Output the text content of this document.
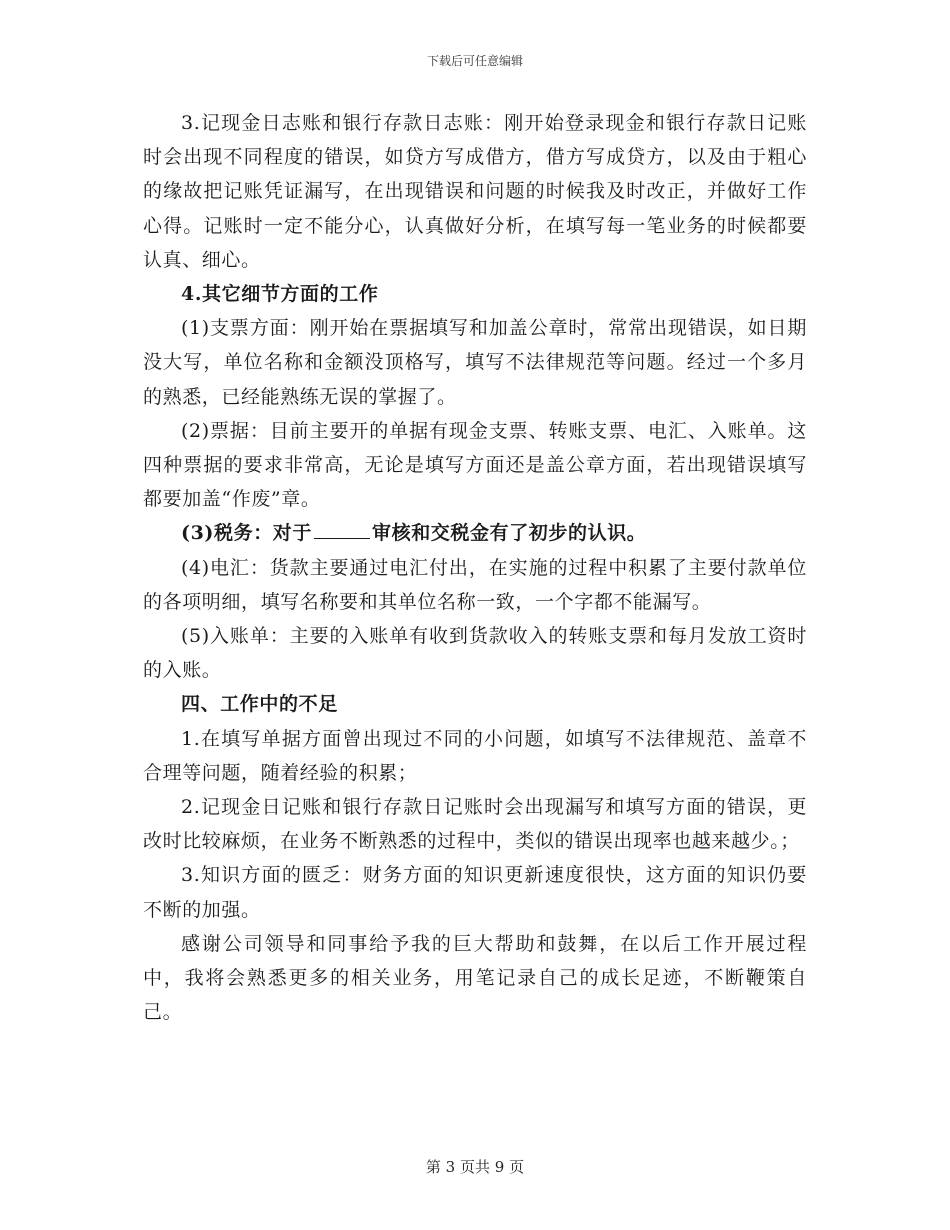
下载后可任意编辑

3.记现金日志账和银行存款日志账：刚开始登录现金和银行存款日记账时会出现不同程度的错误，如贷方写成借方，借方写成贷方，以及由于粗心的缘故把记账凭证漏写，在出现错误和问题的时候我及时改正，并做好工作心得。记账时一定不能分心，认真做好分析，在填写每一笔业务的时候都要认真、细心。

4.其它细节方面的工作

(1)支票方面：刚开始在票据填写和加盖公章时，常常出现错误，如日期没大写，单位名称和金额没顶格写，填写不法律规范等问题。经过一个多月的熟悉，已经能熟练无误的掌握了。

(2)票据：目前主要开的单据有现金支票、转账支票、电汇、入账单。这四种票据的要求非常高，无论是填写方面还是盖公章方面，若出现错误填写都要加盖“作废”章。

(3)税务：对于	审核和交税金有了初步的认识。

(4)电汇：货款主要通过电汇付出，在实施的过程中积累了主要付款单位的各项明细，填写名称要和其单位名称一致，一个字都不能漏写。

(5)入账单：主要的入账单有收到货款收入的转账支票和每月发放工资时的入账。

四、工作中的不足

1.在填写单据方面曾出现过不同的小问题，如填写不法律规范、盖章不合理等问题，随着经验的积累；

2.记现金日记账和银行存款日记账时会出现漏写和填写方面的错误，更改时比较麻烦，在业务不断熟悉的过程中，类似的错误出现率也越来越少。；

3.知识方面的匮乏：财务方面的知识更新速度很快，这方面的知识仍要不断的加强。

感谢公司领导和同事给予我的巨大帮助和鼓舞，在以后工作开展过程中，我将会熟悉更多的相关业务，用笔记录自己的成长足迹，不断鞭策自己。

第 3 页共 9 页
